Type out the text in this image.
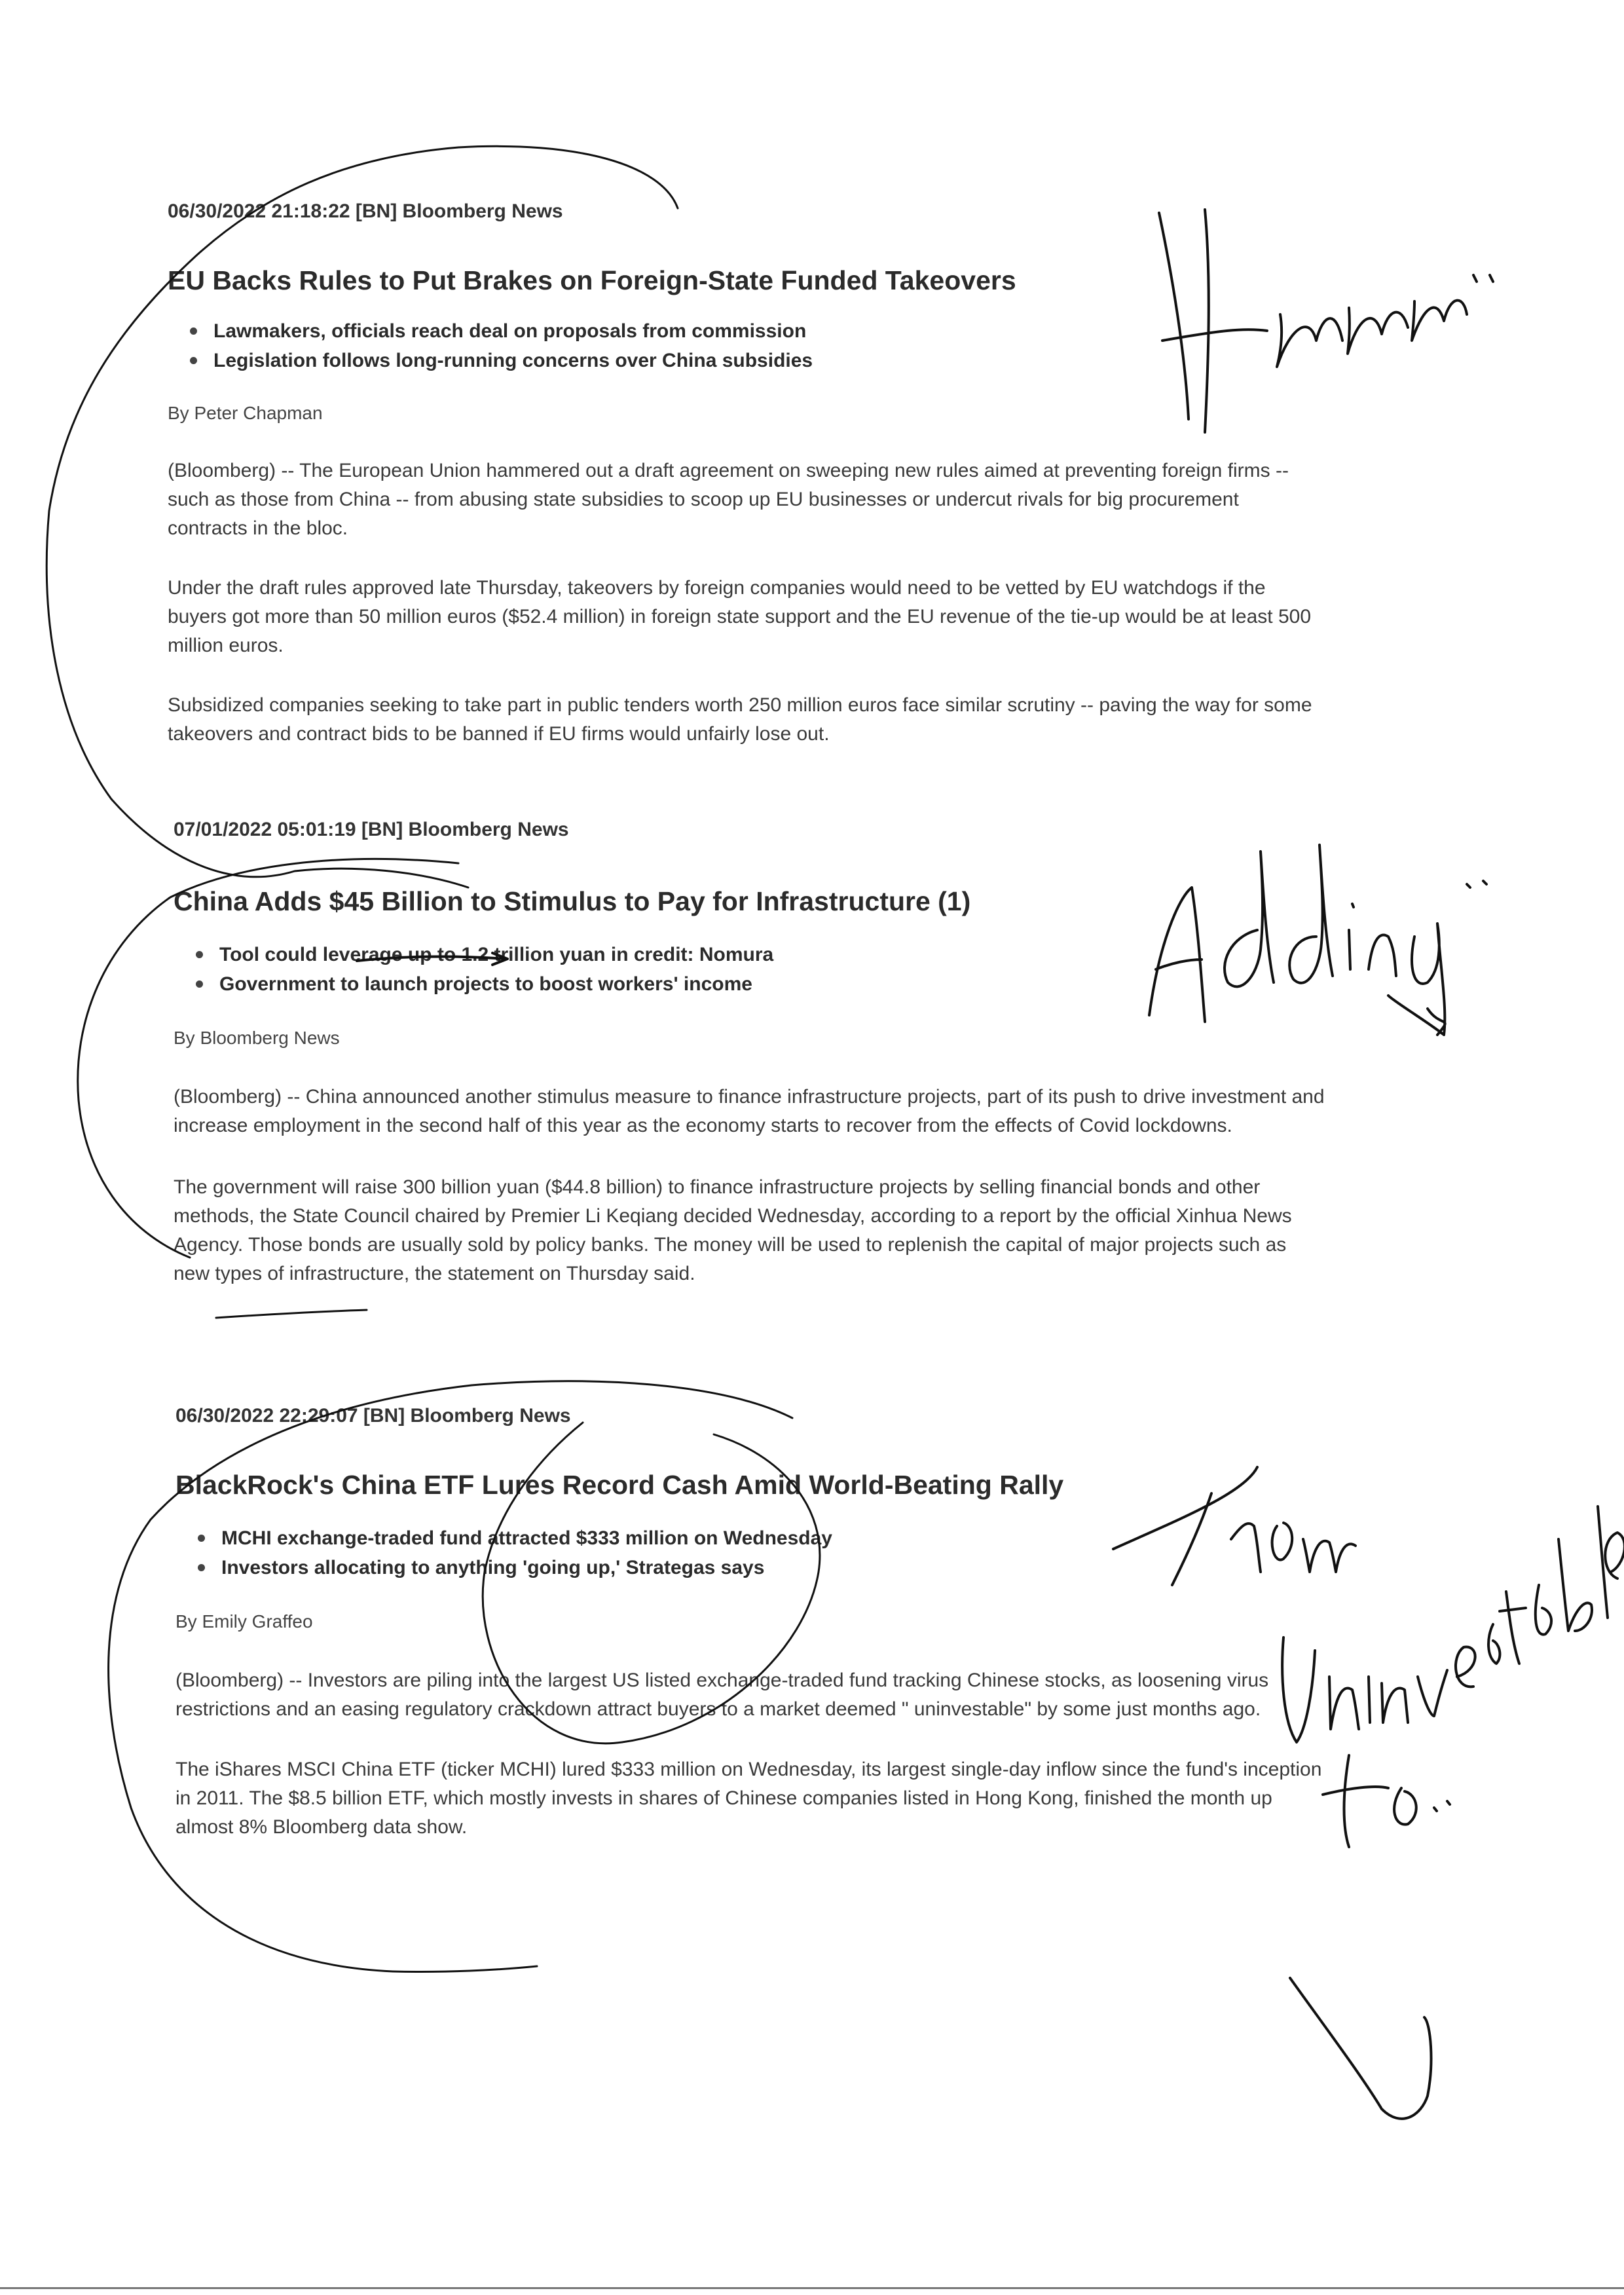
06/30/2022 21:18:22 [BN] Bloomberg News

EU Backs Rules to Put Brakes on Foreign-State Funded Takeovers
Lawmakers, officials reach deal on proposals from commission
Legislation follows long-running concerns over China subsidies

By Peter Chapman

(Bloomberg) -- The European Union hammered out a draft agreement on sweeping new rules aimed at preventing foreign firms -- such as those from China -- from abusing state subsidies to scoop up EU businesses or undercut rivals for big procurement contracts in the bloc.

Under the draft rules approved late Thursday, takeovers by foreign companies would need to be vetted by EU watchdogs if the buyers got more than 50 million euros ($52.4 million) in foreign state support and the EU revenue of the tie-up would be at least 500 million euros.

Subsidized companies seeking to take part in public tenders worth 250 million euros face similar scrutiny -- paving the way for some takeovers and contract bids to be banned if EU firms would unfairly lose out.

07/01/2022 05:01:19 [BN] Bloomberg News

China Adds $45 Billion to Stimulus to Pay for Infrastructure (1)
Tool could leverage up to 1.2 trillion yuan in credit: Nomura
Government to launch projects to boost workers' income

By Bloomberg News

(Bloomberg) -- China announced another stimulus measure to finance infrastructure projects, part of its push to drive investment and increase employment in the second half of this year as the economy starts to recover from the effects of Covid lockdowns.

The government will raise 300 billion yuan ($44.8 billion) to finance infrastructure projects by selling financial bonds and other methods, the State Council chaired by Premier Li Keqiang decided Wednesday, according to a report by the official Xinhua News Agency. Those bonds are usually sold by policy banks. The money will be used to replenish the capital of major projects such as new types of infrastructure, the statement on Thursday said.

06/30/2022 22:29:07 [BN] Bloomberg News

BlackRock's China ETF Lures Record Cash Amid World-Beating Rally
MCHI exchange-traded fund attracted $333 million on Wednesday
Investors allocating to anything 'going up,' Strategas says

By Emily Graffeo

(Bloomberg) -- Investors are piling into the largest US listed exchange-traded fund tracking Chinese stocks, as loosening virus restrictions and an easing regulatory crackdown attract buyers to a market deemed " uninvestable" by some just months ago.

The iShares MSCI China ETF (ticker MCHI) lured $333 million on Wednesday, its largest single-day inflow since the fund's inception in 2011. The $8.5 billion ETF, which mostly invests in shares of Chinese companies listed in Hong Kong, finished the month up almost 8% Bloomberg data show.
